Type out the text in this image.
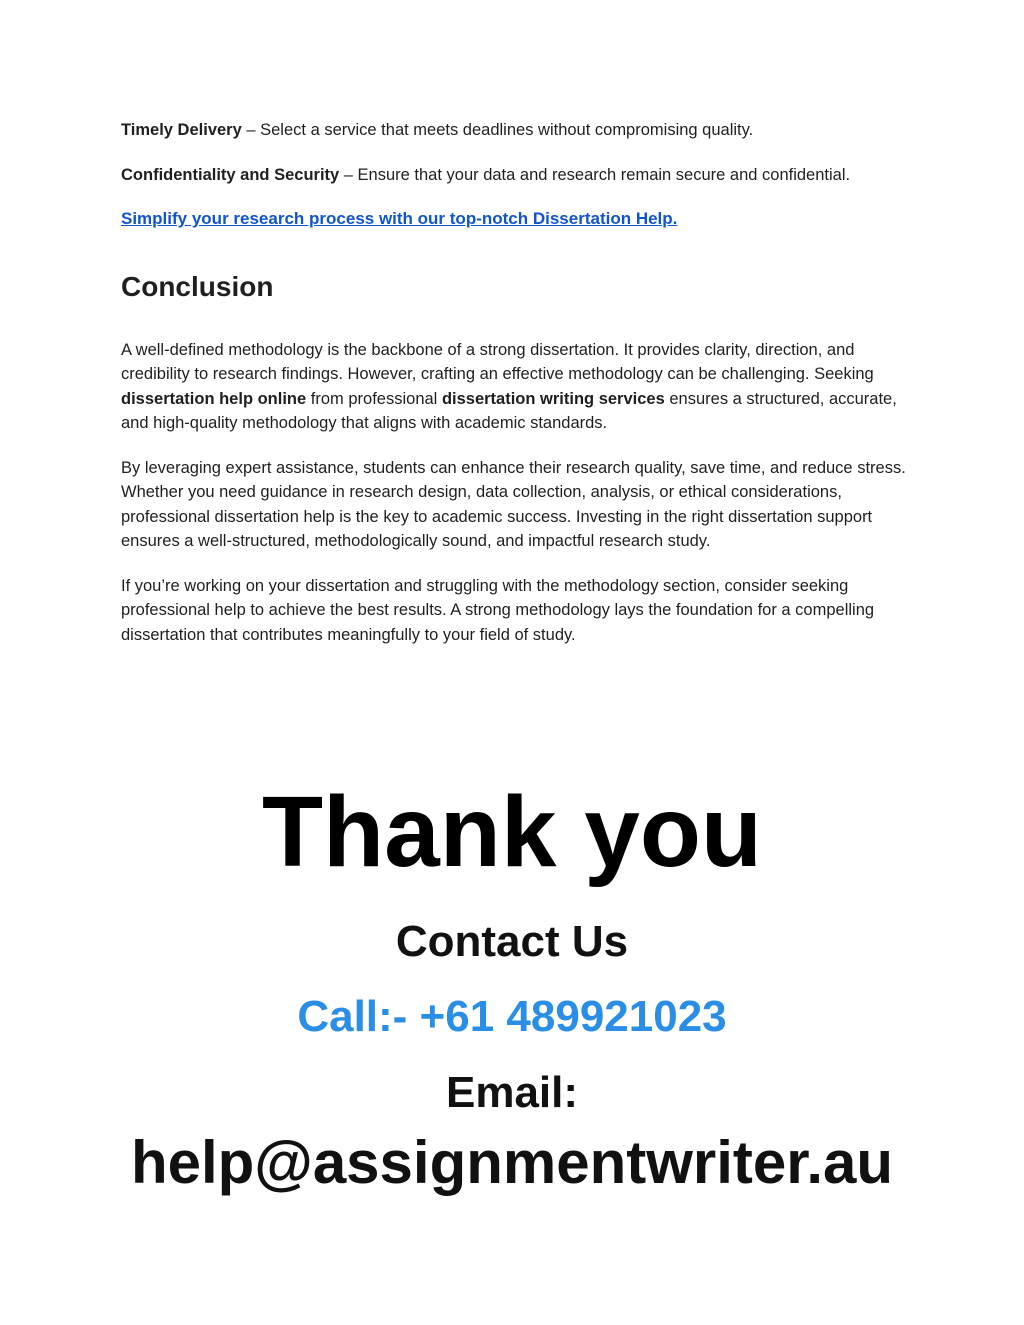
Timely Delivery – Select a service that meets deadlines without compromising quality.

Confidentiality and Security – Ensure that your data and research remain secure and confidential.

Simplify your research process with our top-notch Dissertation Help.

Conclusion

A well-defined methodology is the backbone of a strong dissertation. It provides clarity, direction, and credibility to research findings. However, crafting an effective methodology can be challenging. Seeking dissertation help online from professional dissertation writing services ensures a structured, accurate, and high-quality methodology that aligns with academic standards.

By leveraging expert assistance, students can enhance their research quality, save time, and reduce stress. Whether you need guidance in research design, data collection, analysis, or ethical considerations, professional dissertation help is the key to academic success. Investing in the right dissertation support ensures a well-structured, methodologically sound, and impactful research study.

If you’re working on your dissertation and struggling with the methodology section, consider seeking professional help to achieve the best results. A strong methodology lays the foundation for a compelling dissertation that contributes meaningfully to your field of study.

Thank you
Contact Us
Call:- +61 489921023
Email:
help@assignmentwriter.au
